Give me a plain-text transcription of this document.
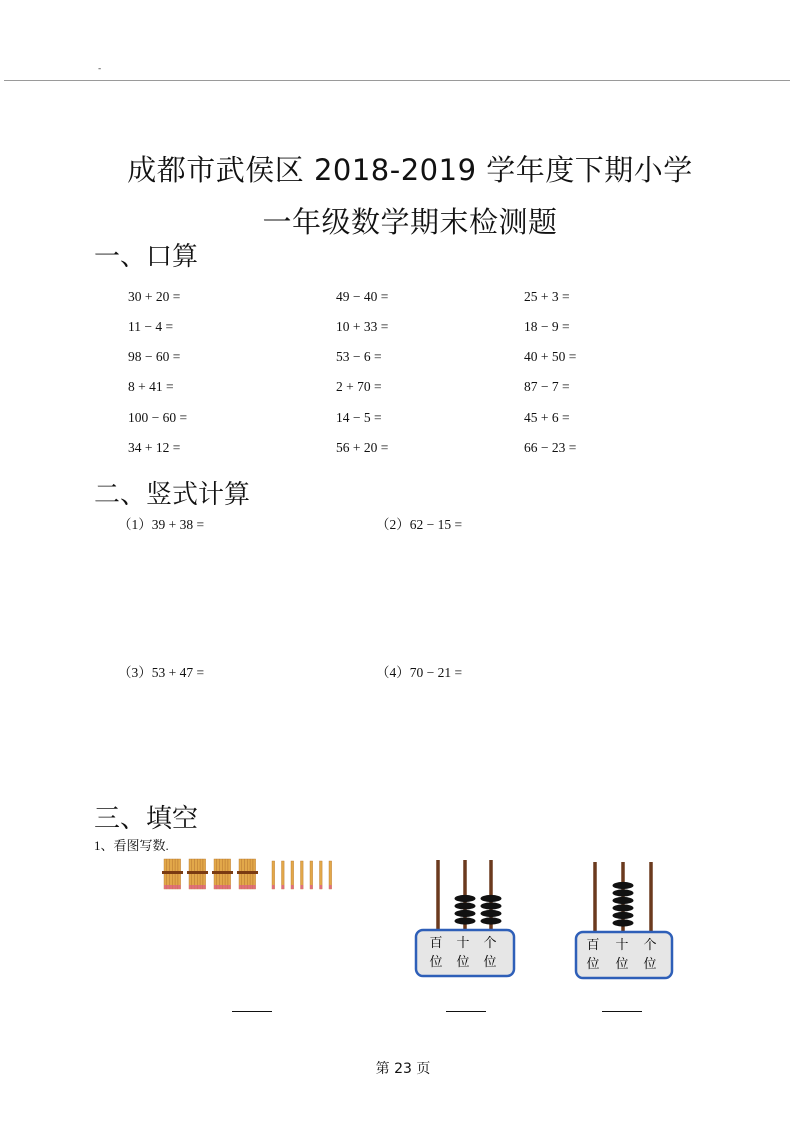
-
成都市武侯区 2018-2019 学年度下期小学
一年级数学期末检测题
一、口算
30 + 20 =	49 − 40 =	25 + 3 =
11 − 4 =	10 + 33 =	18 − 9 =
98 − 60 =	53 − 6 =	40 + 50 =
8 + 41 =	2 + 70 =	87 − 7 =
100 − 60 =	14 − 5 =	45 + 6 =
34 + 12 =	56 + 20 =	66 − 23 =
二、竖式计算
（1）39 + 38 =	（2）62 − 15 =
（3）53 + 47 =	（4）70 − 21 =
三、填空
1、看图写数.
百
位
十
位
个
位
百
位
十
位
个
位
第 23 页
